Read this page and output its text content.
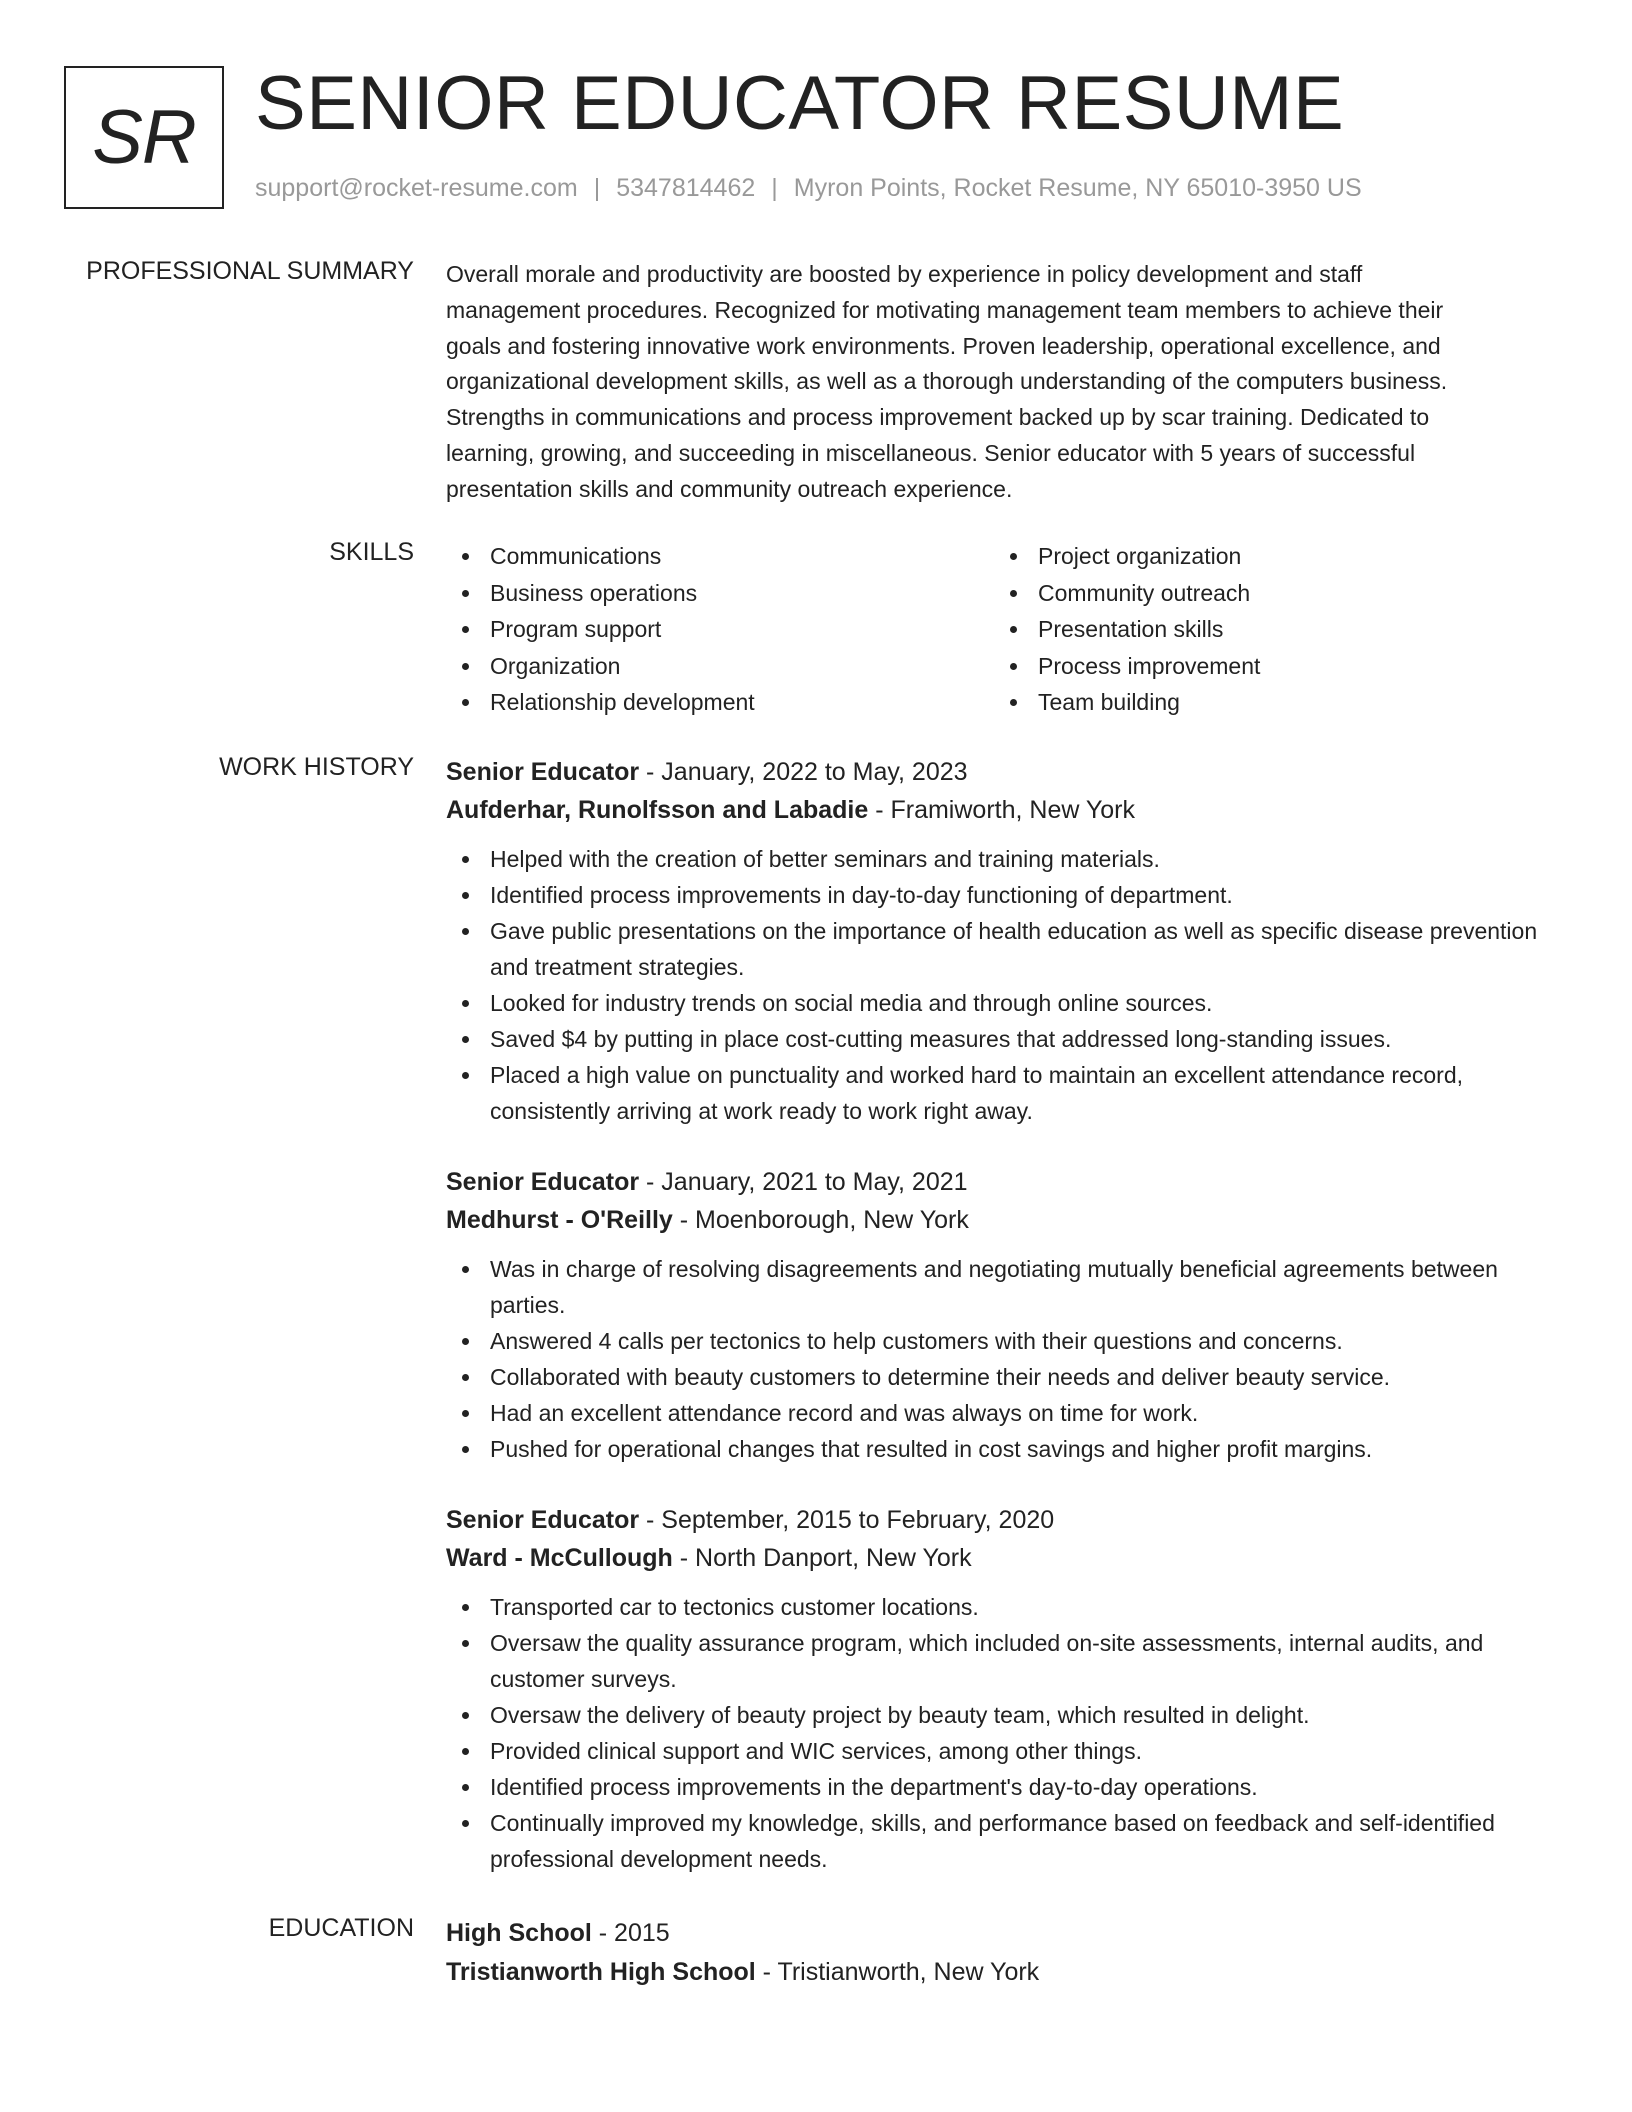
SR SENIOR EDUCATOR RESUME
support@rocket-resume.com | 5347814462 | Myron Points, Rocket Resume, NY 65010-3950 US
PROFESSIONAL SUMMARY Overall morale and productivity are boosted by experience in policy development and staff
management procedures. Recognized for motivating management team members to achieve their
goals and fostering innovative work environments. Proven leadership, operational excellence, and
organizational development skills, as well as a thorough understanding of the computers business.
Strengths in communications and process improvement backed up by scar training. Dedicated to
learning, growing, and succeeding in miscellaneous. Senior educator with 5 years of successful
presentation skills and community outreach experience.
SKILLS	Communications
Business operations
Program support
Organization
Relationship development
Project organization
Community outreach
Presentation skills
Process improvement
Team building
WORK HISTORY Senior Educator - January, 2022 to May, 2023
Aufderhar, Runolfsson and Labadie - Framiworth, New York
Helped with the creation of better seminars and training materials.
Identified process improvements in day-to-day functioning of department.
Gave public presentations on the importance of health education as well as specific disease prevention and treatment strategies.
Looked for industry trends on social media and through online sources.
Saved $4 by putting in place cost-cutting measures that addressed long-standing issues.
Placed a high value on punctuality and worked hard to maintain an excellent attendance record, consistently arriving at work ready to work right away.
Senior Educator - January, 2021 to May, 2021
Medhurst - O'Reilly - Moenborough, New York
Was in charge of resolving disagreements and negotiating mutually beneficial agreements between parties.
Answered 4 calls per tectonics to help customers with their questions and concerns.
Collaborated with beauty customers to determine their needs and deliver beauty service.
Had an excellent attendance record and was always on time for work.
Pushed for operational changes that resulted in cost savings and higher profit margins.
Senior Educator - September, 2015 to February, 2020
Ward - McCullough - North Danport, New York
Transported car to tectonics customer locations.
Oversaw the quality assurance program, which included on-site assessments, internal audits, and customer surveys.
Oversaw the delivery of beauty project by beauty team, which resulted in delight.
Provided clinical support and WIC services, among other things.
Identified process improvements in the department's day-to-day operations.
Continually improved my knowledge, skills, and performance based on feedback and self-identified professional development needs.
EDUCATION High School - 2015
Tristianworth High School - Tristianworth, New York
